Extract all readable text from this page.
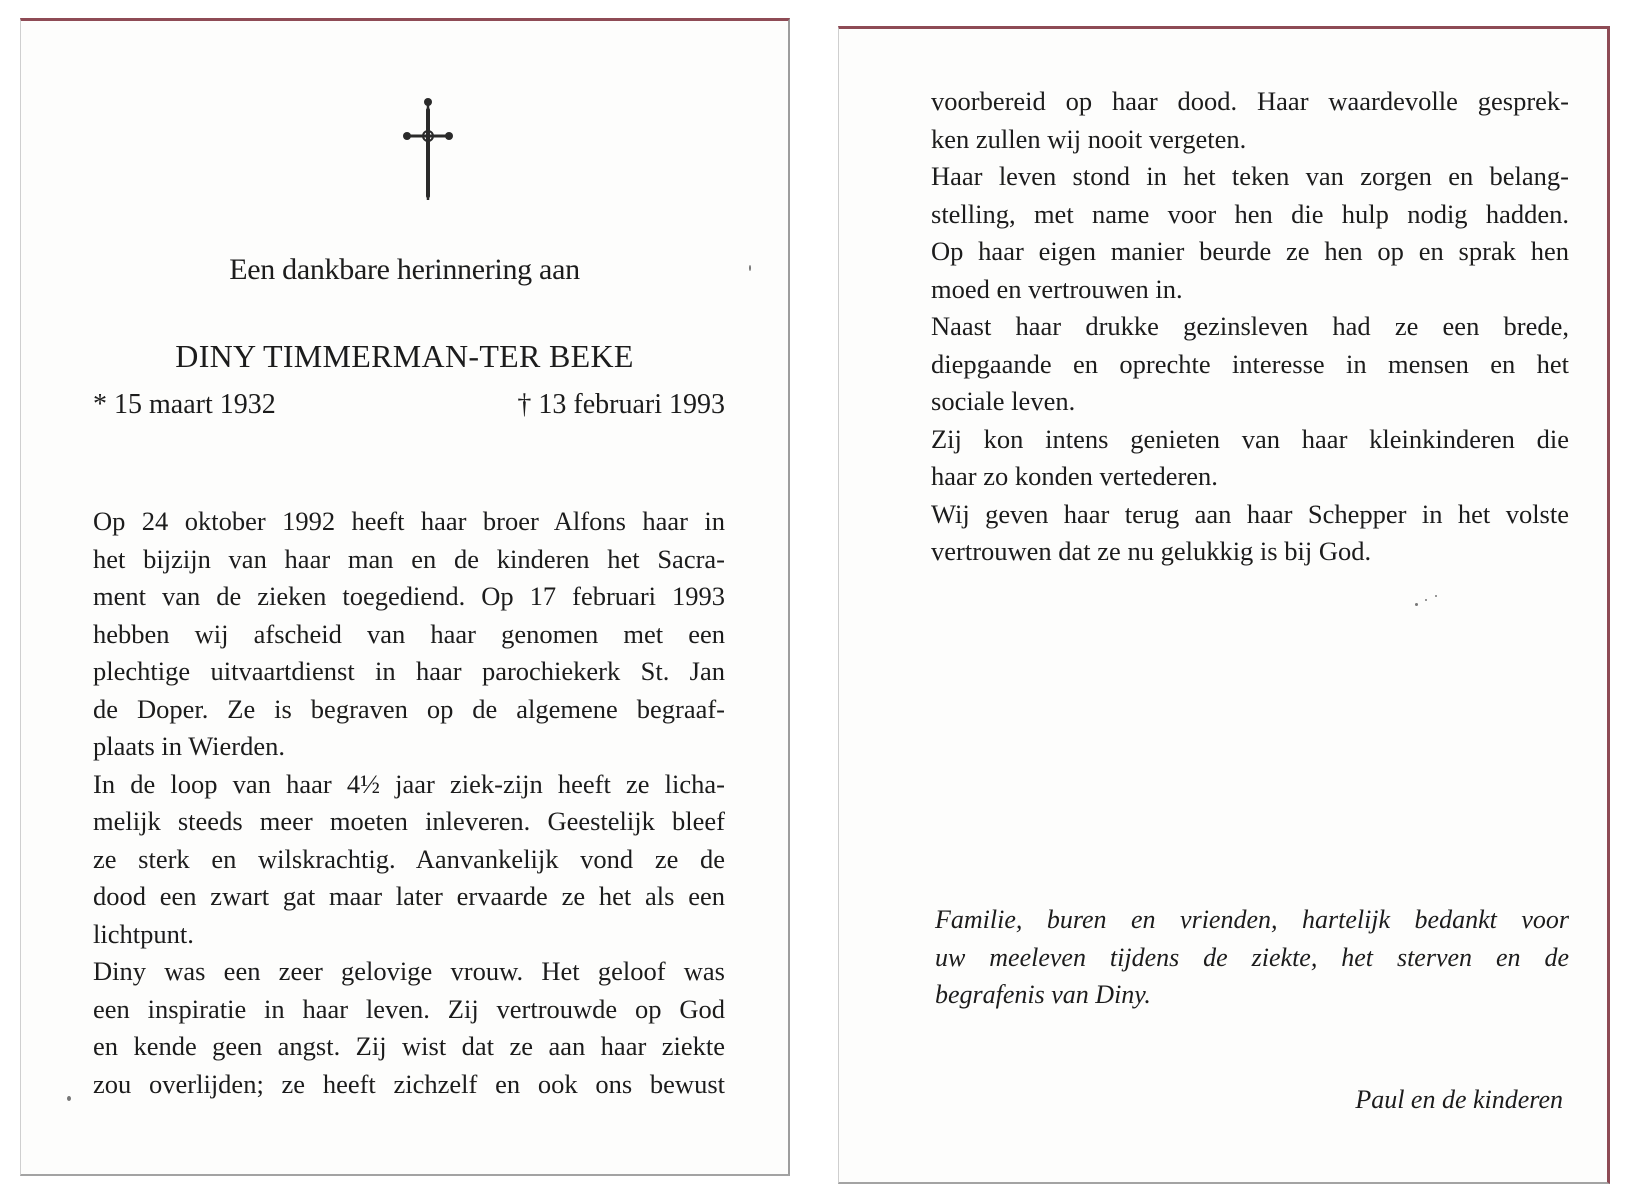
Een dankbare herinnering aan
DINY TIMMERMAN-TER BEKE
* 15 maart 1932	† 13 februari 1993
Op 24 oktober 1992 heeft haar broer Alfons haar in
het bijzijn van haar man en de kinderen het Sacra-
ment van de zieken toegediend. Op 17 februari 1993
hebben wij afscheid van haar genomen met een
plechtige uitvaartdienst in haar parochiekerk St. Jan
de Doper. Ze is begraven op de algemene begraaf-
plaats in Wierden.
In de loop van haar 4½ jaar ziek-zijn heeft ze licha-
melijk steeds meer moeten inleveren. Geestelijk bleef
ze sterk en wilskrachtig. Aanvankelijk vond ze de
dood een zwart gat maar later ervaarde ze het als een
lichtpunt.
Diny was een zeer gelovige vrouw. Het geloof was
een inspiratie in haar leven. Zij vertrouwde op God
en kende geen angst. Zij wist dat ze aan haar ziekte
zou overlijden; ze heeft zichzelf en ook ons bewust
voorbereid op haar dood. Haar waardevolle gesprek-
ken zullen wij nooit vergeten.
Haar leven stond in het teken van zorgen en belang-
stelling, met name voor hen die hulp nodig hadden.
Op haar eigen manier beurde ze hen op en sprak hen
moed en vertrouwen in.
Naast haar drukke gezinsleven had ze een brede,
diepgaande en oprechte interesse in mensen en het
sociale leven.
Zij kon intens genieten van haar kleinkinderen die
haar zo konden vertederen.
Wij geven haar terug aan haar Schepper in het volste
vertrouwen dat ze nu gelukkig is bij God.
Familie, buren en vrienden, hartelijk bedankt voor
uw meeleven tijdens de ziekte, het sterven en de
begrafenis van Diny.
Paul en de kinderen
